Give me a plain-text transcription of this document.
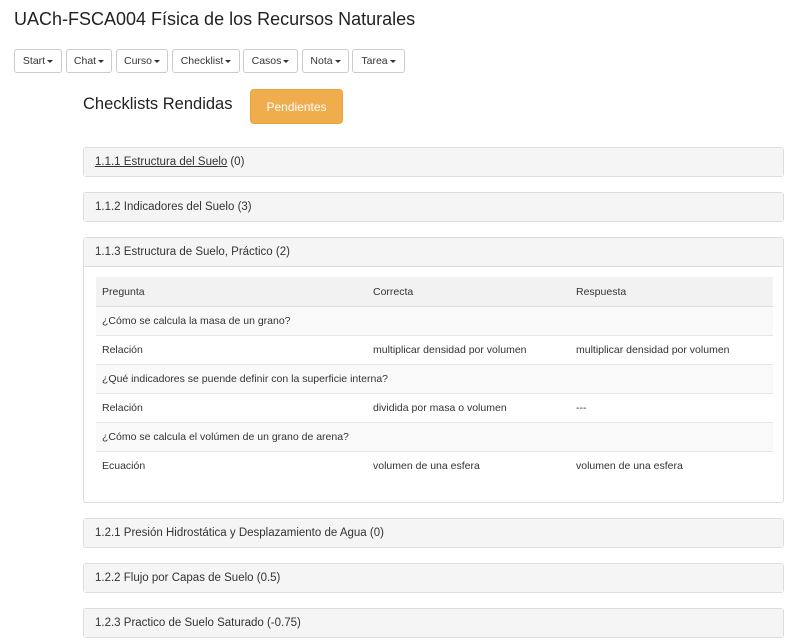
UACh-FSCA004 Física de los Recursos Naturales
Start	Chat	Curso	Checklist	Casos	Nota	Tarea
Checklists Rendidas	Pendientes
1.1.1 Estructura del Suelo (0)
1.1.2 Indicadores del Suelo (3)
1.1.3 Estructura de Suelo, Práctico (2)
Pregunta	Correcta	Respuesta
¿Cómo se calcula la masa de un grano?		
Relación	multiplicar densidad por volumen	multiplicar densidad por volumen
¿Qué indicadores se puende definir con la superficie interna?		
Relación	dividida por masa o volumen	---
¿Cómo se calcula el volúmen de un grano de arena?		
Ecuación	volumen de una esfera	volumen de una esfera
1.2.1 Presión Hidrostática y Desplazamiento de Agua (0)
1.2.2 Flujo por Capas de Suelo (0.5)
1.2.3 Practico de Suelo Saturado (-0.75)
